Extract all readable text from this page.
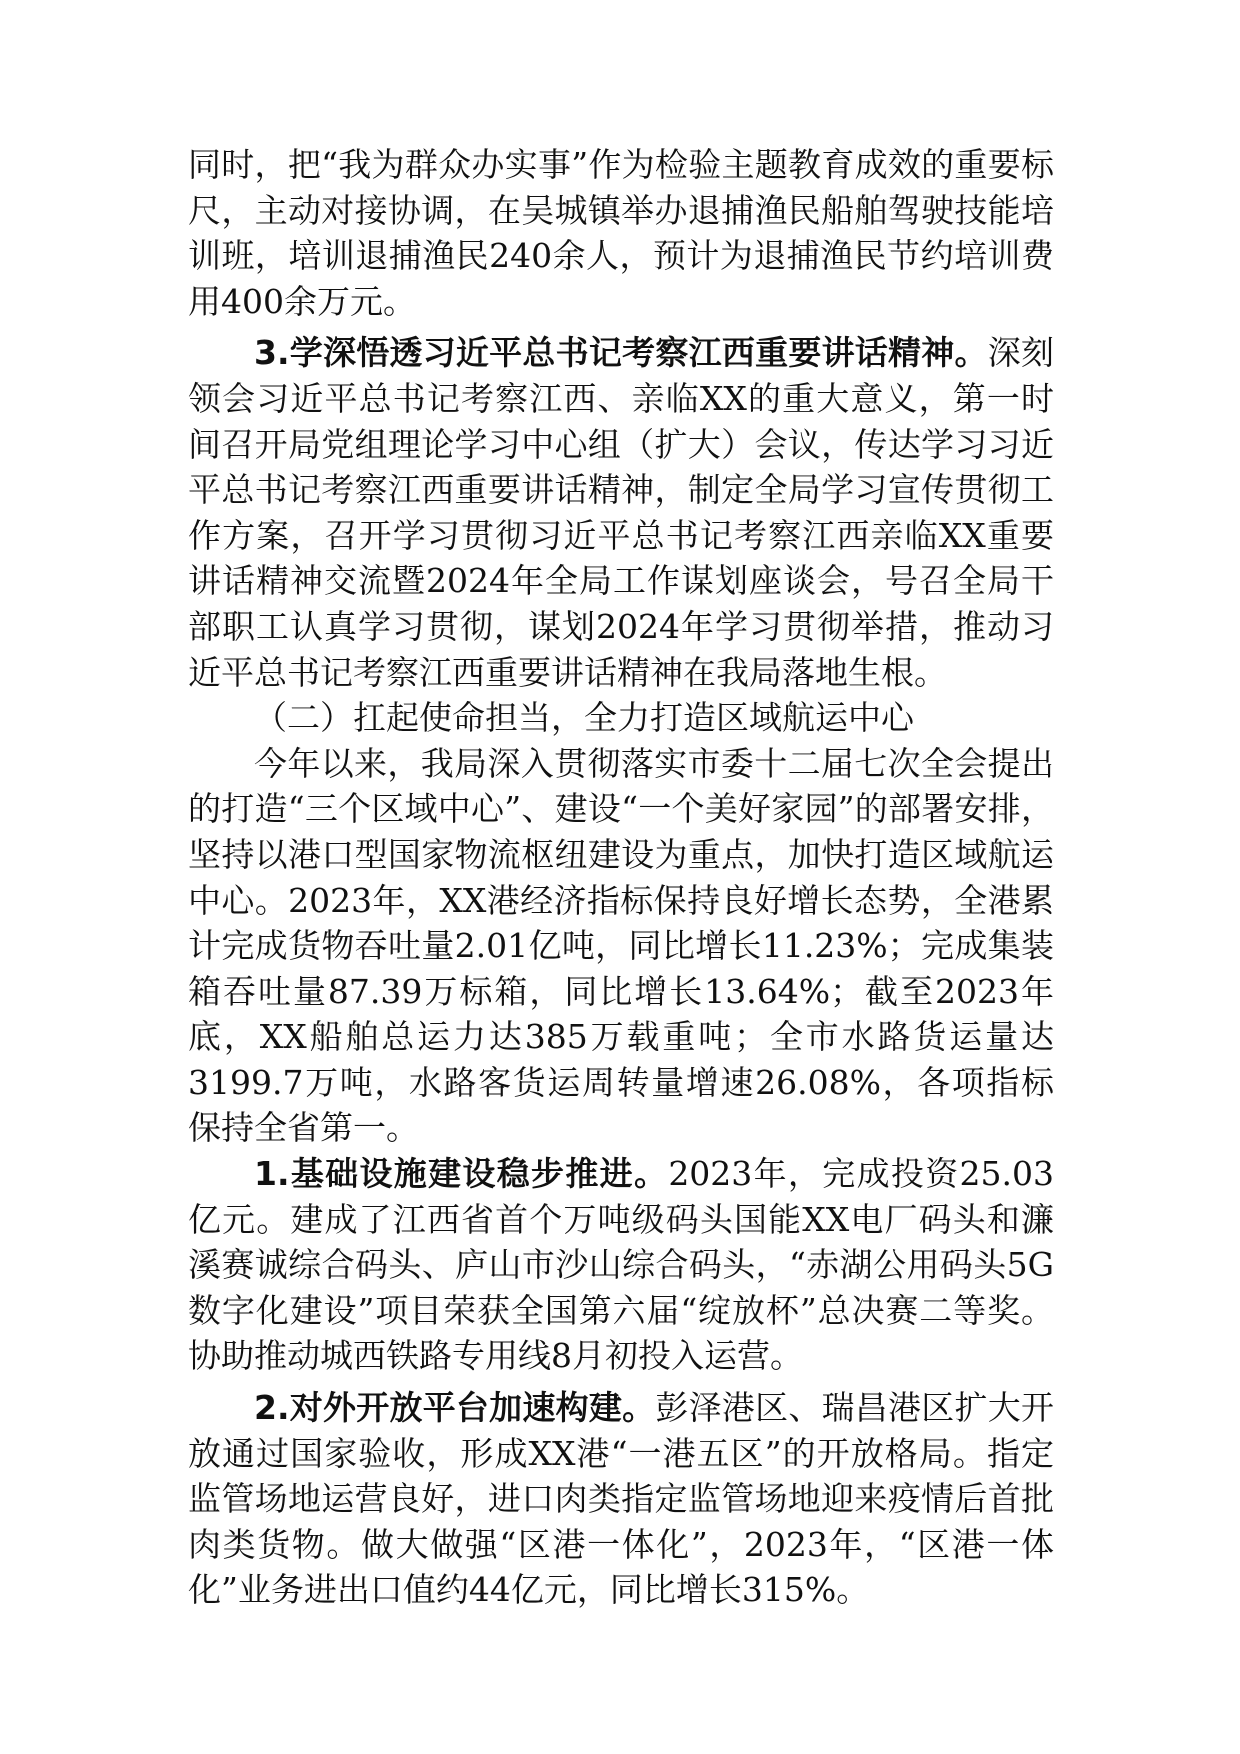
同时，把“我为群众办实事”作为检验主题教育成效的重要标尺，主动对接协调，在吴城镇举办退捕渔民船舶驾驶技能培训班，培训退捕渔民240余人，预计为退捕渔民节约培训费用400余万元。

3.学深悟透习近平总书记考察江西重要讲话精神。深刻领会习近平总书记考察江西、亲临XX的重大意义，第一时间召开局党组理论学习中心组（扩大）会议，传达学习习近平总书记考察江西重要讲话精神，制定全局学习宣传贯彻工作方案，召开学习贯彻习近平总书记考察江西亲临XX重要讲话精神交流暨2024年全局工作谋划座谈会，号召全局干部职工认真学习贯彻，谋划2024年学习贯彻举措，推动习近平总书记考察江西重要讲话精神在我局落地生根。

（二）扛起使命担当，全力打造区域航运中心

今年以来，我局深入贯彻落实市委十二届七次全会提出的打造“三个区域中心”、建设“一个美好家园”的部署安排，坚持以港口型国家物流枢纽建设为重点，加快打造区域航运中心。2023年，XX港经济指标保持良好增长态势，全港累计完成货物吞吐量2.01亿吨，同比增长11.23%；完成集装箱吞吐量87.39万标箱，同比增长13.64%；截至2023年底，XX船舶总运力达385万载重吨；全市水路货运量达3199.7万吨，水路客货运周转量增速26.08%，各项指标保持全省第一。

1.基础设施建设稳步推进。2023年，完成投资25.03亿元。建成了江西省首个万吨级码头国能XX电厂码头和濂溪赛诚综合码头、庐山市沙山综合码头，“赤湖公用码头5G数字化建设”项目荣获全国第六届“绽放杯”总决赛二等奖。协助推动城西铁路专用线8月初投入运营。

2.对外开放平台加速构建。彭泽港区、瑞昌港区扩大开放通过国家验收，形成XX港“一港五区”的开放格局。指定监管场地运营良好，进口肉类指定监管场地迎来疫情后首批肉类货物。做大做强“区港一体化”，2023年，“区港一体化”业务进出口值约44亿元，同比增长315%。
